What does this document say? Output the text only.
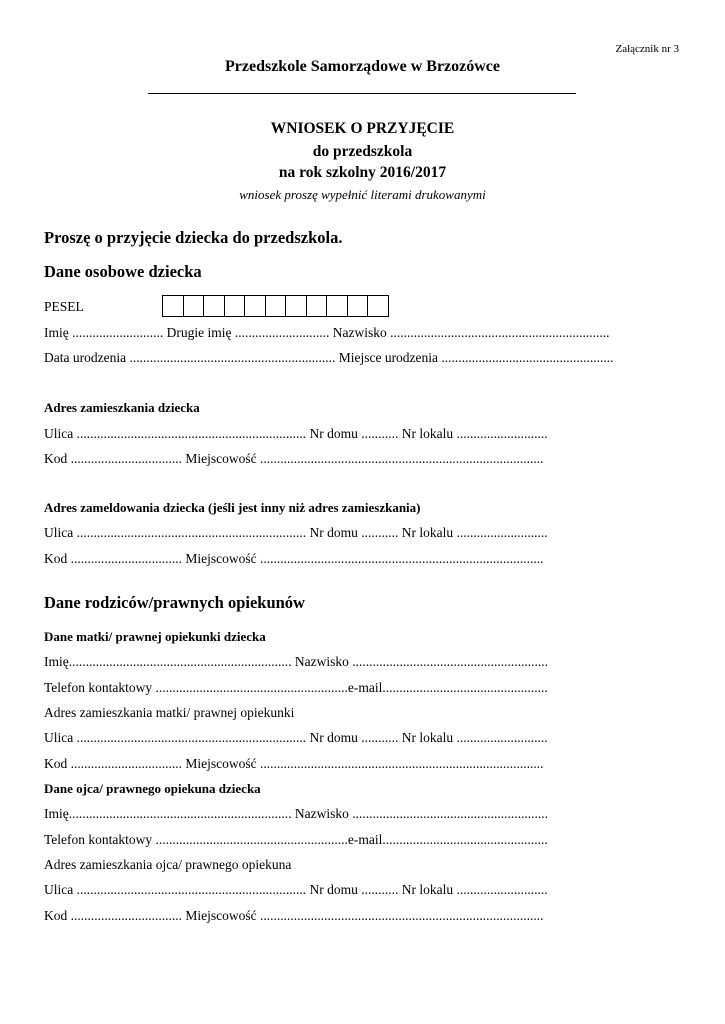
Załącznik nr 3
Przedszkole Samorządowe w Brzozówce
WNIOSEK O PRZYJĘCIE
do przedszkola
na rok szkolny 2016/2017
wniosek proszę wypełnić literami drukowanymi
Proszę o przyjęcie dziecka do przedszkola.
Dane osobowe dziecka
PESEL
Imię ........................... Drugie imię ............................ Nazwisko .................................................................
Data urodzenia ............................................................. Miejsce urodzenia ...................................................
Adres zamieszkania dziecka
Ulica .................................................................... Nr domu ........... Nr lokalu ...........................
Kod ................................. Miejscowość ....................................................................................
Adres zameldowania dziecka (jeśli jest inny niż adres zamieszkania)
Ulica .................................................................... Nr domu ........... Nr lokalu ...........................
Kod ................................. Miejscowość ....................................................................................
Dane rodziców/prawnych opiekunów
Dane matki/ prawnej opiekunki dziecka
Imię.................................................................. Nazwisko ..........................................................
Telefon kontaktowy .........................................................e-mail.................................................
Adres zamieszkania matki/ prawnej opiekunki
Ulica .................................................................... Nr domu ........... Nr lokalu ...........................
Kod ................................. Miejscowość ....................................................................................
Dane ojca/ prawnego opiekuna dziecka
Imię.................................................................. Nazwisko ..........................................................
Telefon kontaktowy .........................................................e-mail.................................................
Adres zamieszkania ojca/ prawnego opiekuna
Ulica .................................................................... Nr domu ........... Nr lokalu ...........................
Kod ................................. Miejscowość ....................................................................................
